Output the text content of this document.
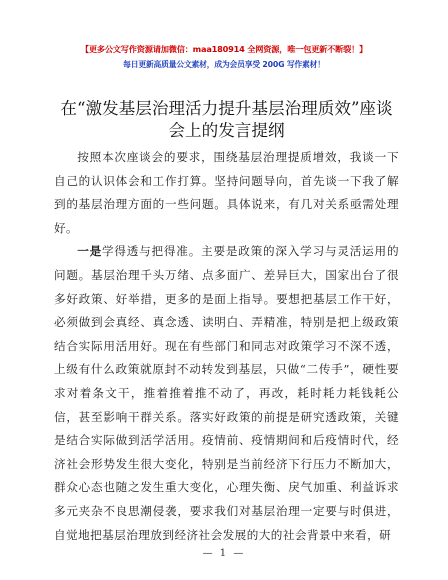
【更多公文写作资源请加微信：maa180914 全网资源，唯一包更新不断裂！】
每日更新高质量公文素材，成为会员享受 200G 写作素材！
在“激发基层治理活力提升基层治理质效”座谈会上的发言提纲

按照本次座谈会的要求，围绕基层治理提质增效，我谈一下自己的认识体会和工作打算。坚持问题导向，首先谈一下我了解到的基层治理方面的一些问题。具体说来，有几对关系亟需处理好。

一是学得透与把得准。主要是政策的深入学习与灵活运用的问题。基层治理千头万绪、点多面广、差异巨大，国家出台了很多好政策、好举措，更多的是面上指导。要想把基层工作干好，必须做到会真经、真念透、读明白、弄精准，特别是把上级政策结合实际用活用好。现在有些部门和同志对政策学习不深不透，上级有什么政策就原封不动转发到基层，只做“二传手”，硬性要求对着条文干，推着推着推不动了，再改，耗时耗力耗钱耗公信，甚至影响干群关系。落实好政策的前提是研究透政策，关键是结合实际做到活学活用。疫情前、疫情期间和后疫情时代，经济社会形势发生很大变化，特别是当前经济下行压力不断加大，群众心态也随之发生重大变化，心理失衡、戾气加重、利益诉求多元夹杂不良思潮侵袭，要求我们对基层治理一定要与时俱进，自觉地把基层治理放到经济社会发展的大的社会背景中来看，研

— 1 —
